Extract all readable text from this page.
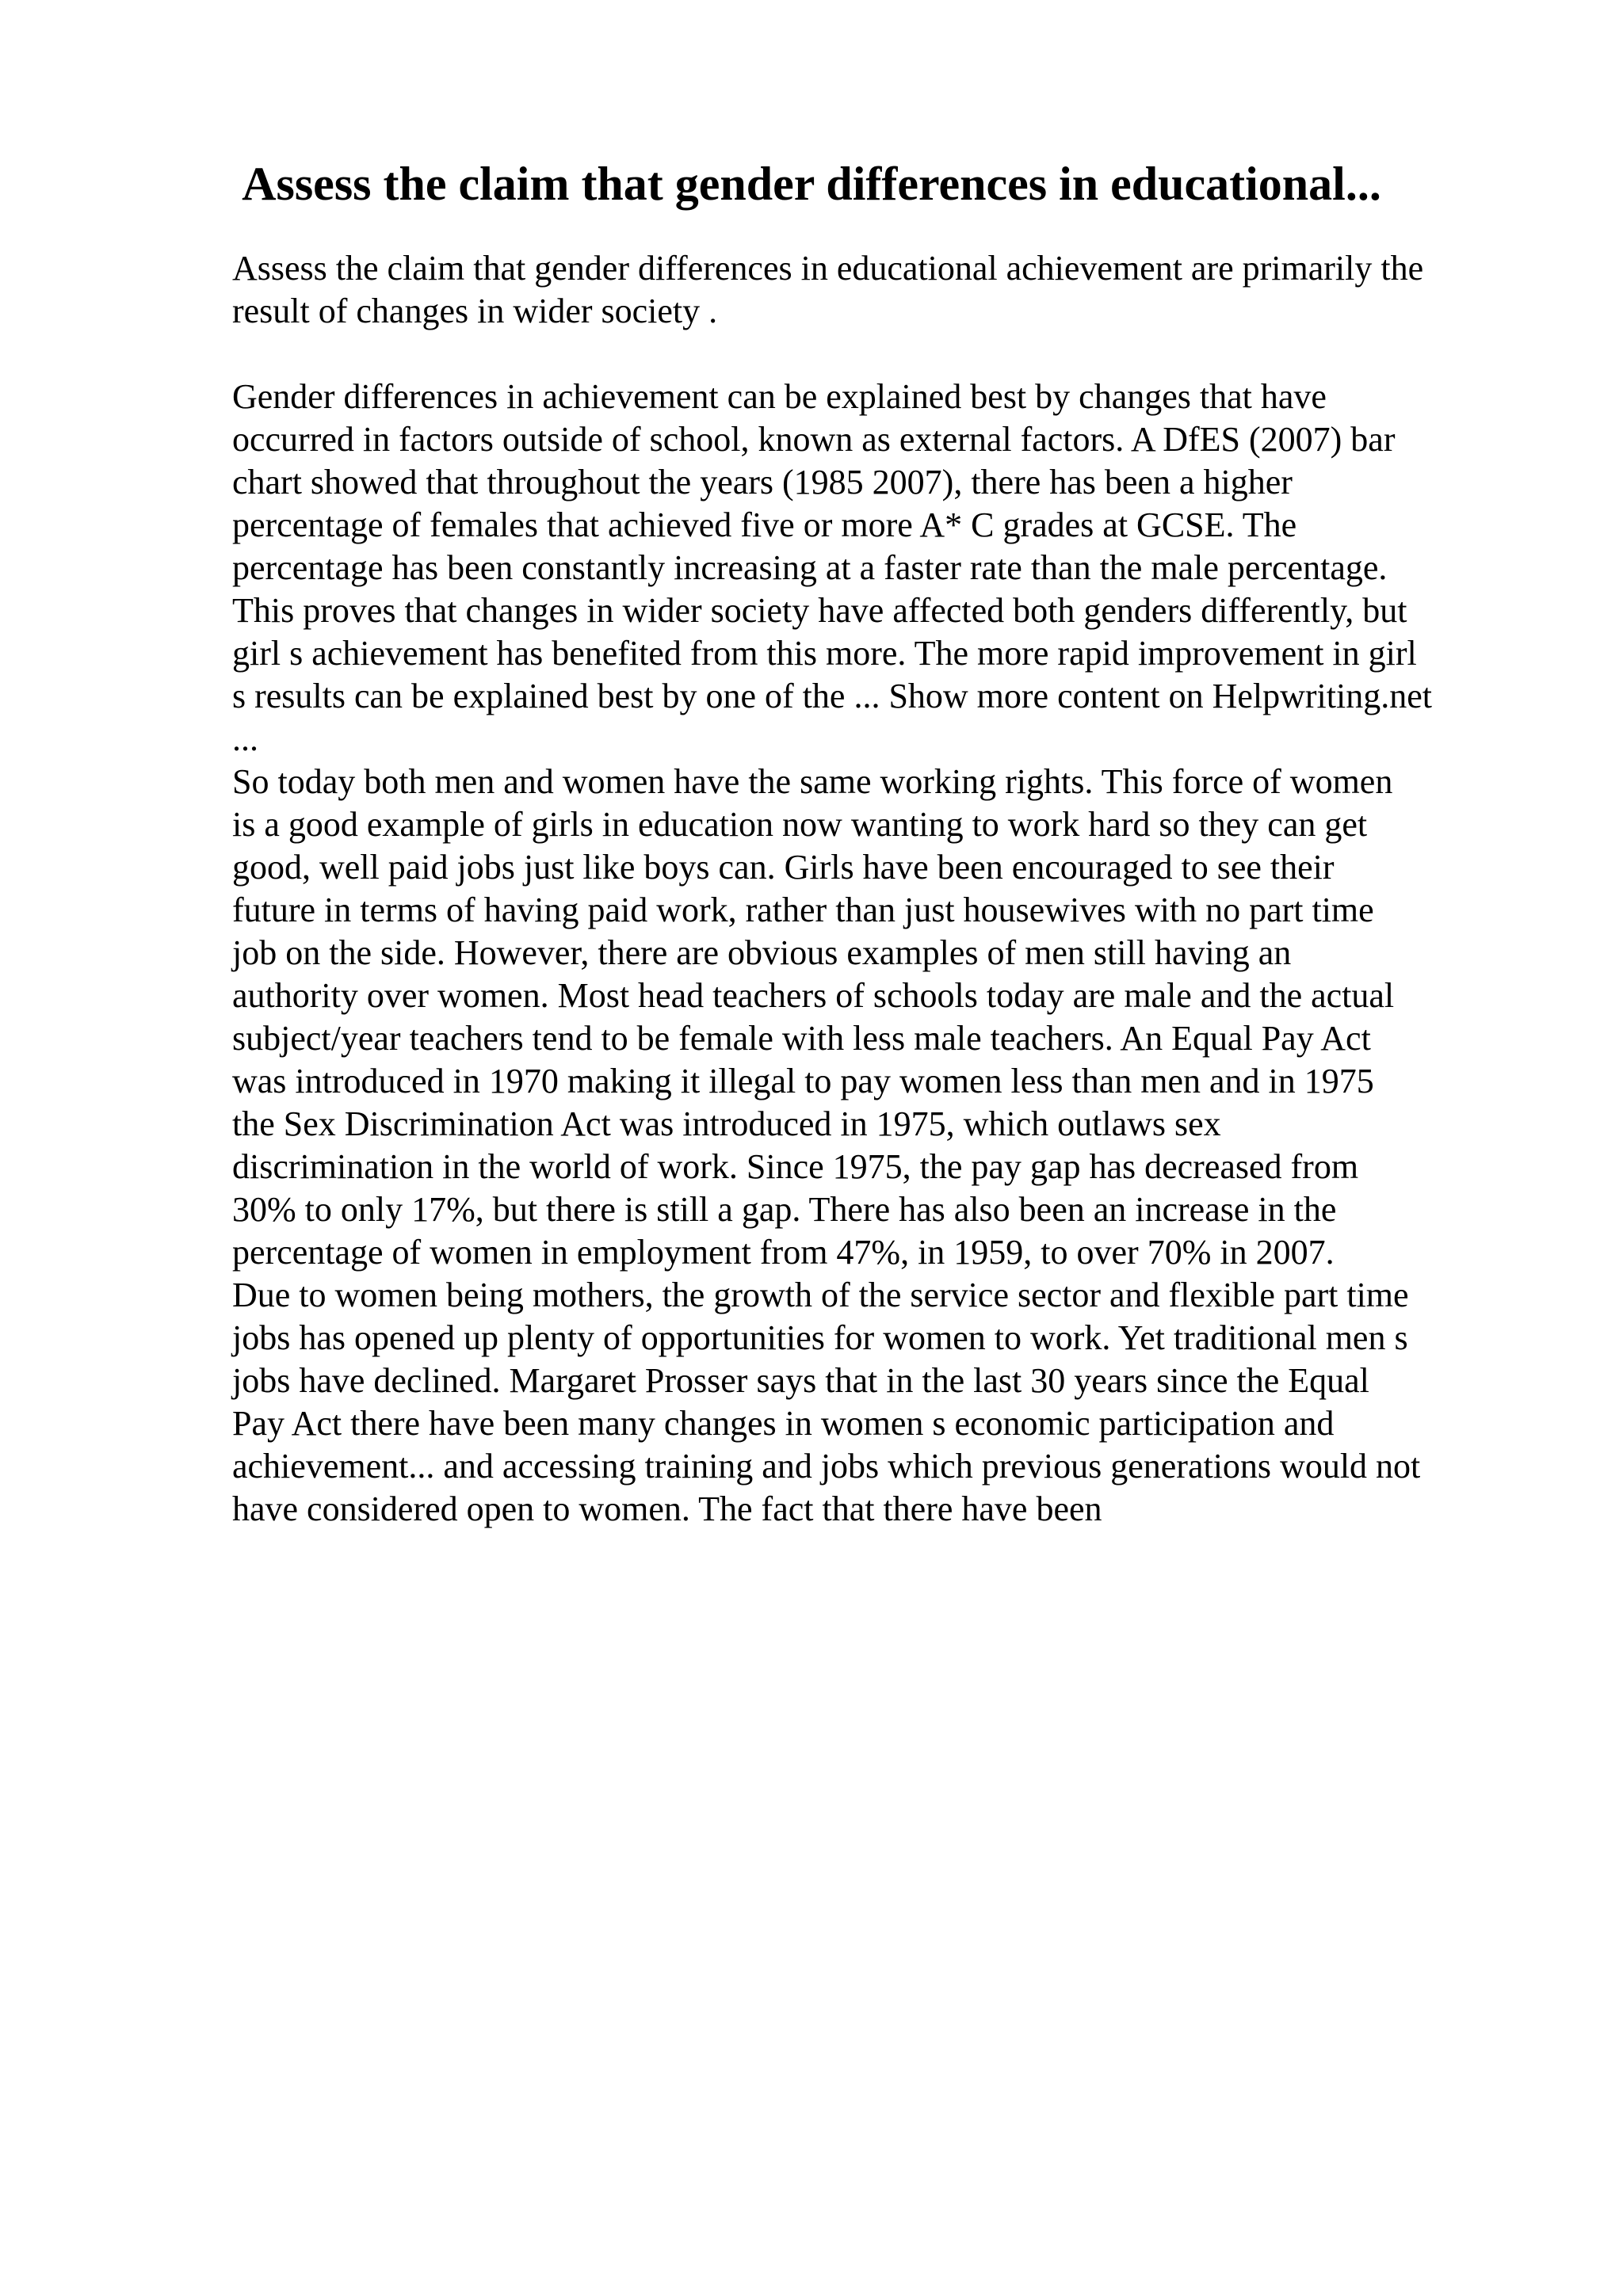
Assess the claim that gender differences in educational...

Assess the claim that gender differences in educational achievement are primarily the

result of changes in wider society .

Gender differences in achievement can be explained best by changes that have

occurred in factors outside of school, known as external factors. A DfES (2007) bar

chart showed that throughout the years (1985 2007), there has been a higher

percentage of females that achieved five or more A* C grades at GCSE. The

percentage has been constantly increasing at a faster rate than the male percentage.

This proves that changes in wider society have affected both genders differently, but

girl s achievement has benefited from this more. The more rapid improvement in girl

s results can be explained best by one of the ... Show more content on Helpwriting.net

...

So today both men and women have the same working rights. This force of women

is a good example of girls in education now wanting to work hard so they can get

good, well paid jobs just like boys can. Girls have been encouraged to see their

future in terms of having paid work, rather than just housewives with no part time

job on the side. However, there are obvious examples of men still having an

authority over women. Most head teachers of schools today are male and the actual

subject/year teachers tend to be female with less male teachers. An Equal Pay Act

was introduced in 1970 making it illegal to pay women less than men and in 1975

the Sex Discrimination Act was introduced in 1975, which outlaws sex

discrimination in the world of work. Since 1975, the pay gap has decreased from

30% to only 17%, but there is still a gap. There has also been an increase in the

percentage of women in employment from 47%, in 1959, to over 70% in 2007.

Due to women being mothers, the growth of the service sector and flexible part time

jobs has opened up plenty of opportunities for women to work. Yet traditional men s

jobs have declined. Margaret Prosser says that in the last 30 years since the Equal

Pay Act there have been many changes in women s economic participation and

achievement... and accessing training and jobs which previous generations would not

have considered open to women. The fact that there have been
